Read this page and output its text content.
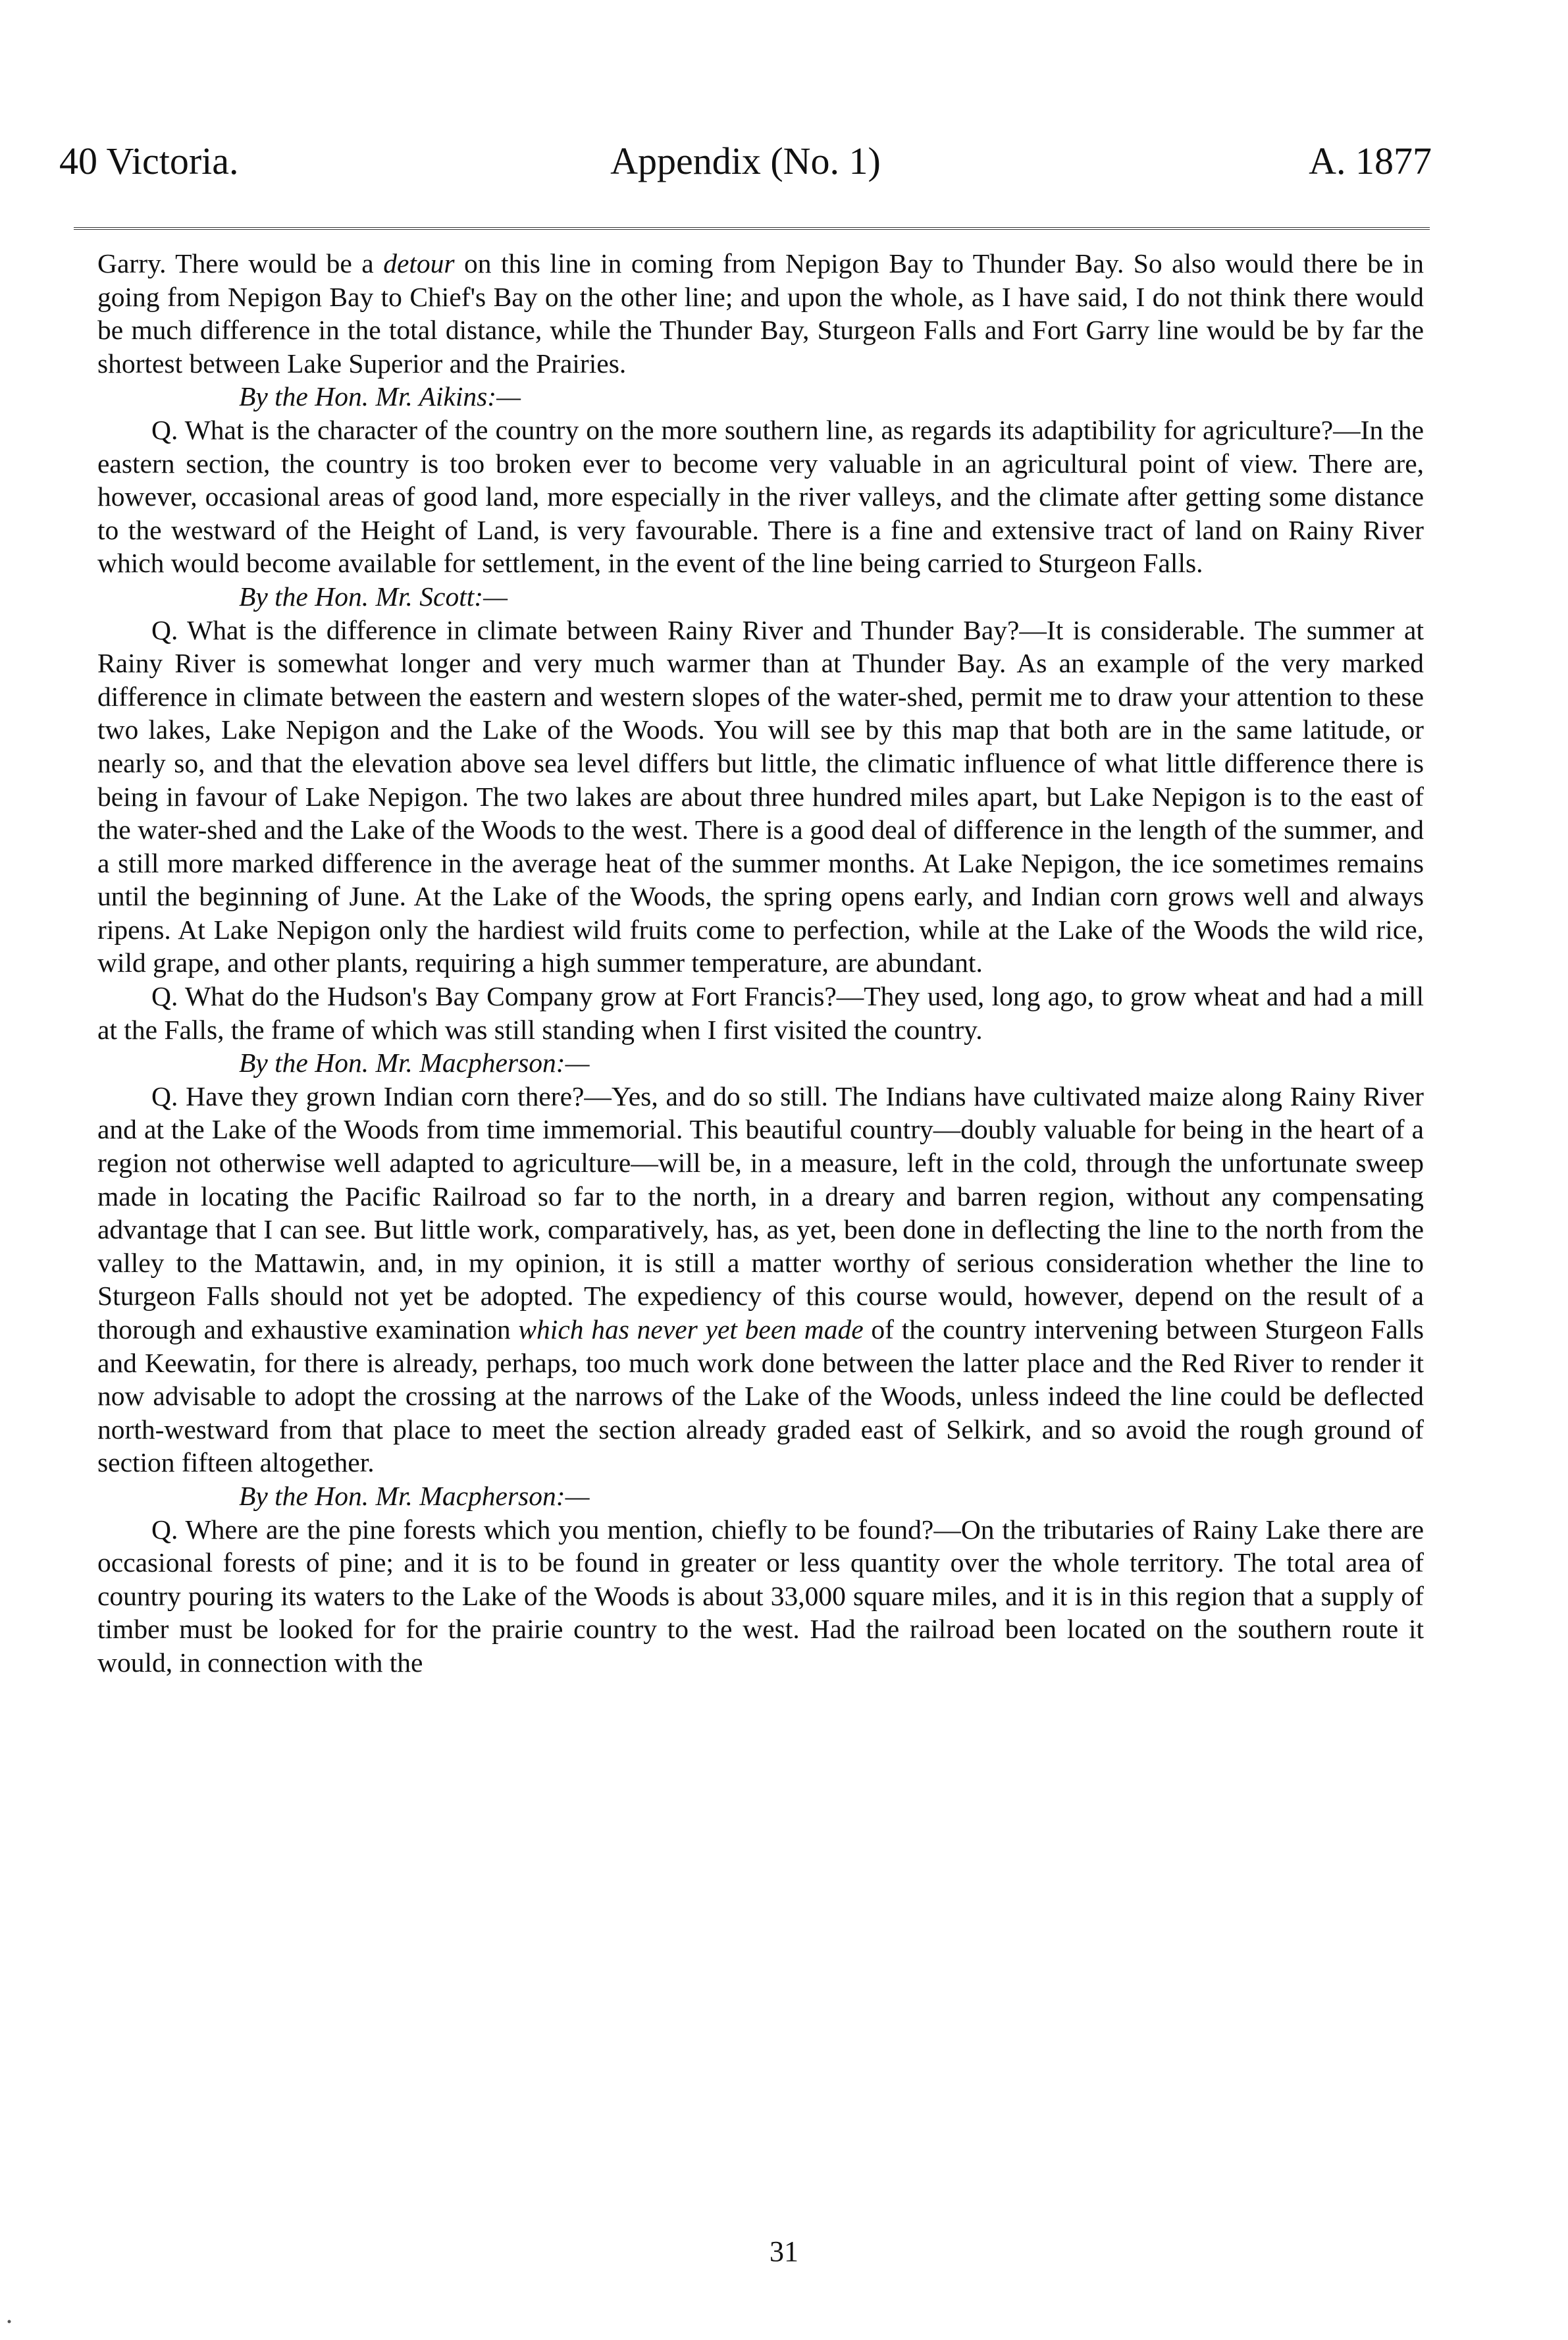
40 Victoria.	Appendix (No. 1)	A. 1877

Garry. There would be a detour on this line in coming from Nepigon Bay to Thunder Bay. So also would there be in going from Nepigon Bay to Chief's Bay on the other line; and upon the whole, as I have said, I do not think there would be much difference in the total distance, while the Thunder Bay, Sturgeon Falls and Fort Garry line would be by far the shortest between Lake Superior and the Prairies.

By the Hon. Mr. Aikins:—

Q. What is the character of the country on the more southern line, as regards its adaptibility for agriculture?—In the eastern section, the country is too broken ever to become very valuable in an agricultural point of view. There are, however, occasional areas of good land, more especially in the river valleys, and the climate after getting some distance to the westward of the Height of Land, is very favourable. There is a fine and extensive tract of land on Rainy River which would become available for settlement, in the event of the line being carried to Sturgeon Falls.

By the Hon. Mr. Scott:—

Q. What is the difference in climate between Rainy River and Thunder Bay?—It is considerable. The summer at Rainy River is somewhat longer and very much warmer than at Thunder Bay. As an example of the very marked difference in climate between the eastern and western slopes of the water-shed, permit me to draw your attention to these two lakes, Lake Nepigon and the Lake of the Woods. You will see by this map that both are in the same latitude, or nearly so, and that the elevation above sea level differs but little, the climatic influence of what little difference there is being in favour of Lake Nepigon. The two lakes are about three hundred miles apart, but Lake Nepigon is to the east of the water-shed and the Lake of the Woods to the west. There is a good deal of difference in the length of the summer, and a still more marked difference in the average heat of the summer months. At Lake Nepigon, the ice sometimes remains until the beginning of June. At the Lake of the Woods, the spring opens early, and Indian corn grows well and always ripens. At Lake Nepigon only the hardiest wild fruits come to perfection, while at the Lake of the Woods the wild rice, wild grape, and other plants, requiring a high summer temperature, are abundant.

Q. What do the Hudson's Bay Company grow at Fort Francis?—They used, long ago, to grow wheat and had a mill at the Falls, the frame of which was still standing when I first visited the country.

By the Hon. Mr. Macpherson:—

Q. Have they grown Indian corn there?—Yes, and do so still. The Indians have cultivated maize along Rainy River and at the Lake of the Woods from time immemorial. This beautiful country—doubly valuable for being in the heart of a region not otherwise well adapted to agriculture—will be, in a measure, left in the cold, through the unfortunate sweep made in locating the Pacific Railroad so far to the north, in a dreary and barren region, without any compensating advantage that I can see. But little work, comparatively, has, as yet, been done in deflecting the line to the north from the valley to the Mattawin, and, in my opinion, it is still a matter worthy of serious consideration whether the line to Sturgeon Falls should not yet be adopted. The expediency of this course would, however, depend on the result of a thorough and exhaustive examination which has never yet been made of the country intervening between Sturgeon Falls and Keewatin, for there is already, perhaps, too much work done between the latter place and the Red River to render it now advisable to adopt the crossing at the narrows of the Lake of the Woods, unless indeed the line could be deflected north-westward from that place to meet the section already graded east of Selkirk, and so avoid the rough ground of section fifteen altogether.

By the Hon. Mr. Macpherson:—

Q. Where are the pine forests which you mention, chiefly to be found?—On the tributaries of Rainy Lake there are occasional forests of pine; and it is to be found in greater or less quantity over the whole territory. The total area of country pouring its waters to the Lake of the Woods is about 33,000 square miles, and it is in this region that a supply of timber must be looked for for the prairie country to the west. Had the railroad been located on the southern route it would, in connection with the

31
